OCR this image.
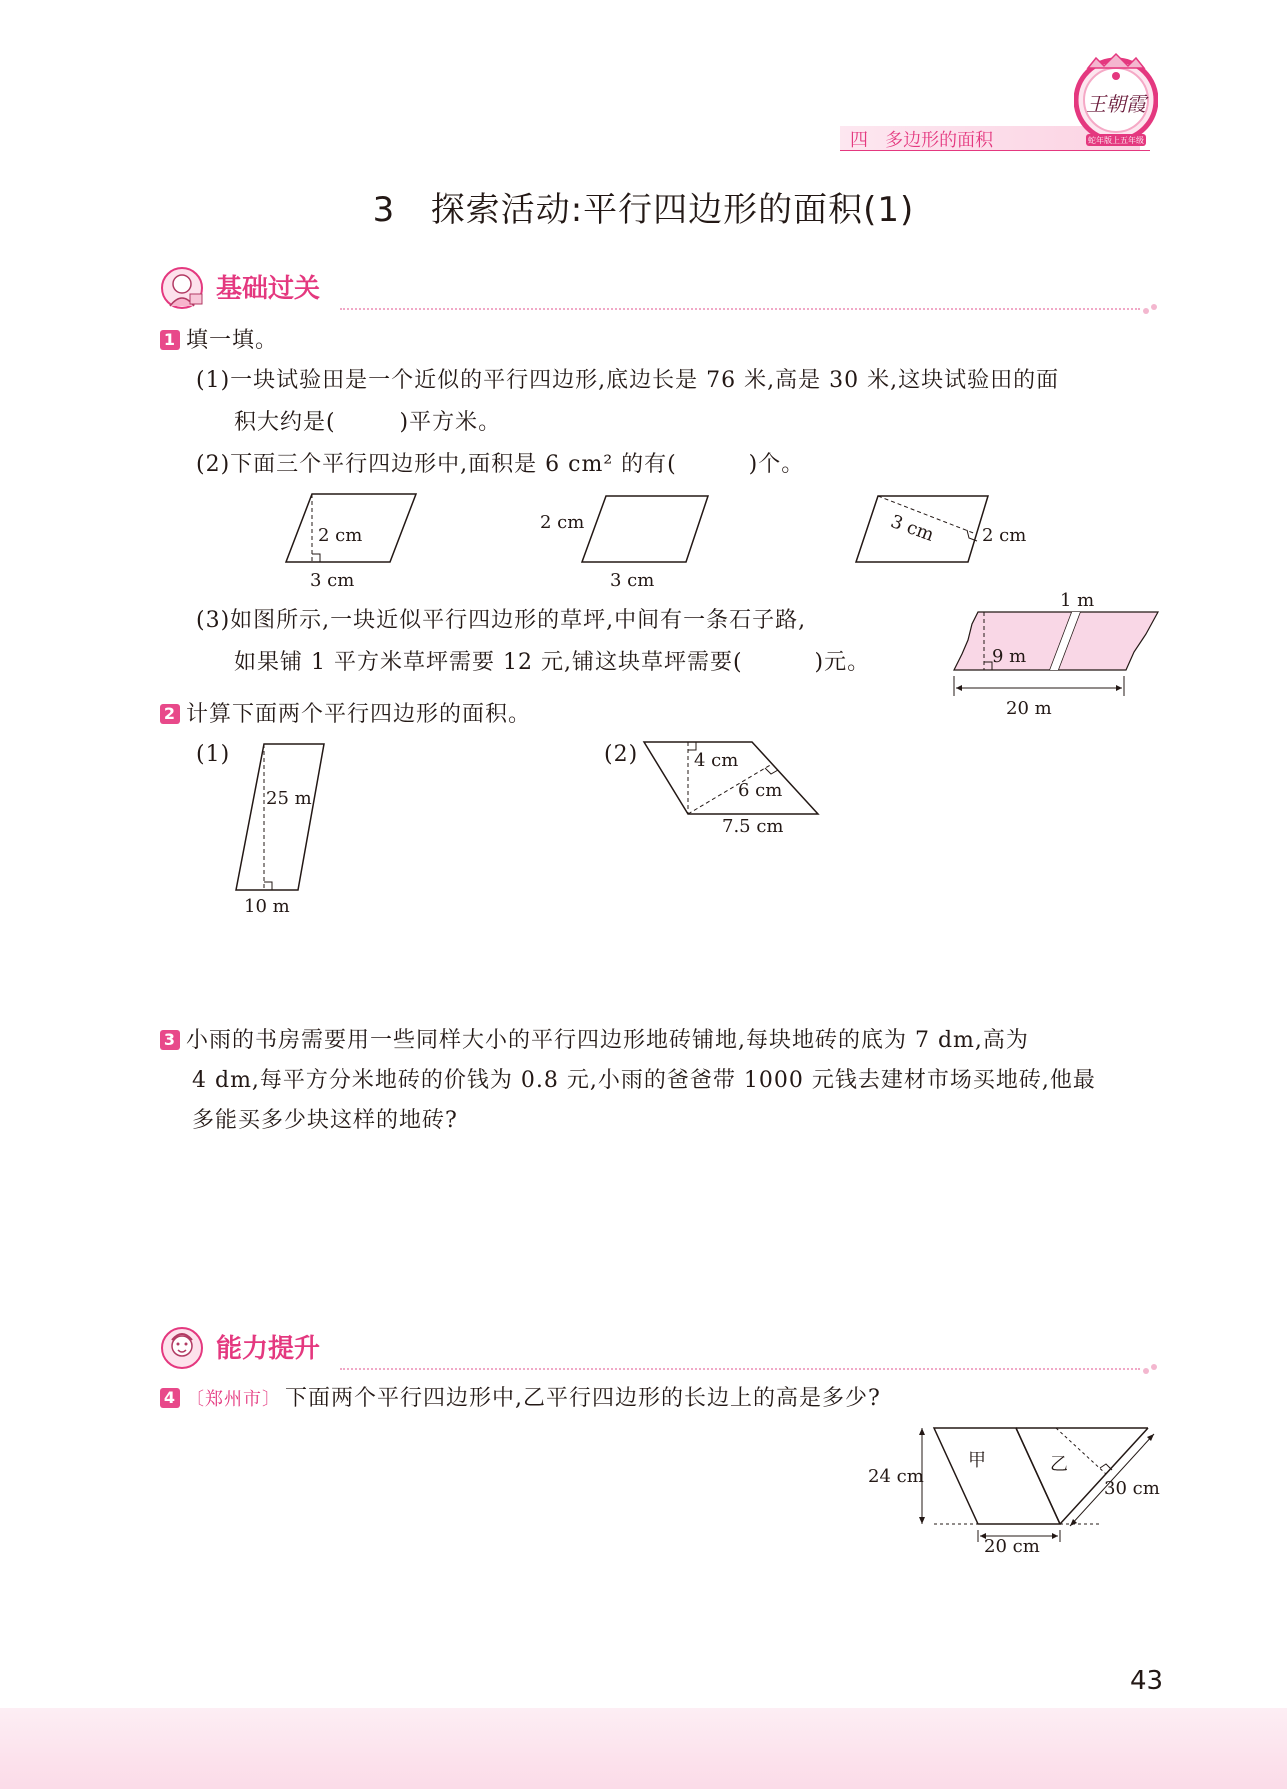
四   多边形的面积
王朝霞
蛇年版上 五年级
3   探索活动:平行四边形的面积(1)
基础过关
1 填一填。
(1)一块试验田是一个近似的平行四边形,底边长是 76 米,高是 30 米,这块试验田的面
积大约是(        )平方米。
(2)下面三个平行四边形中,面积是 6 cm² 的有(         )个。
2 cm
3 cm
2 cm
3 cm
3 cm	2 cm
(3)如图所示,一块近似平行四边形的草坪,中间有一条石子路,
如果铺 1 平方米草坪需要 12 元,铺这块草坪需要(         )元。
1 m
9 m
20 m
2 计算下面两个平行四边形的面积。
(1)	(2)
25 m
10 m
4 cm
6 cm
7.5 cm
3 小雨的书房需要用一些同样大小的平行四边形地砖铺地,每块地砖的底为 7 dm,高为
4 dm,每平方分米地砖的价钱为 0.8 元,小雨的爸爸带 1000 元钱去建材市场买地砖,他最
多能买多少块这样的地砖?
能力提升
4 〔郑州市〕 下面两个平行四边形中,乙平行四边形的长边上的高是多少?
甲	乙
24 cm
20 cm
30 cm
43
